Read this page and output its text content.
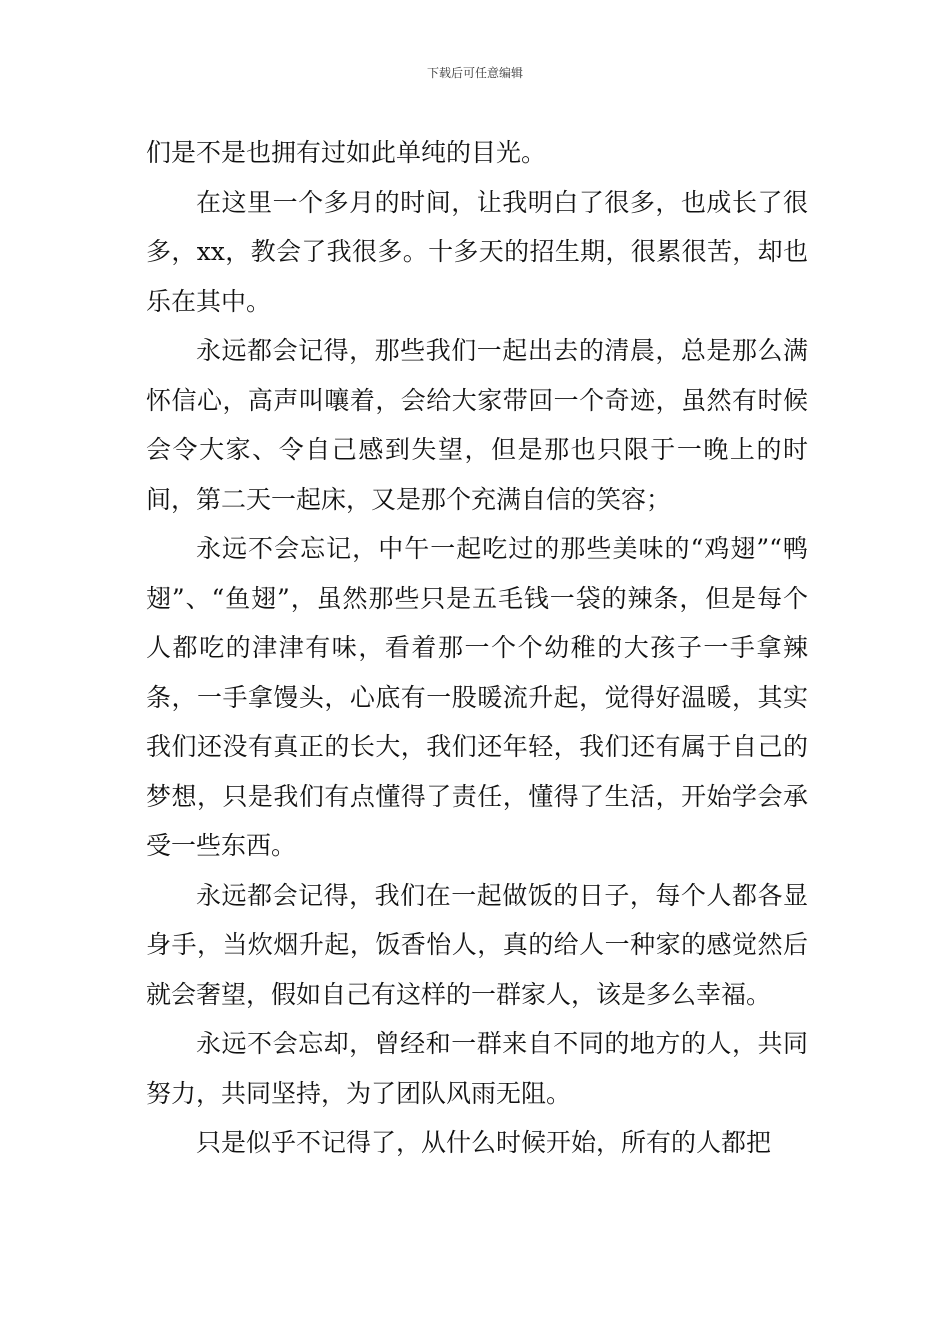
下载后可任意编辑

们是不是也拥有过如此单纯的目光。

在这里一个多月的时间，让我明白了很多，也成长了很多，xx，教会了我很多。十多天的招生期，很累很苦，却也乐在其中。

永远都会记得，那些我们一起出去的清晨，总是那么满怀信心，高声叫嚷着，会给大家带回一个奇迹，虽然有时候会令大家、令自己感到失望，但是那也只限于一晚上的时间，第二天一起床，又是那个充满自信的笑容；

永远不会忘记，中午一起吃过的那些美味的“鸡翅”“鸭翅”、“鱼翅”，虽然那些只是五毛钱一袋的辣条，但是每个人都吃的津津有味，看着那一个个幼稚的大孩子一手拿辣条，一手拿馒头，心底有一股暖流升起，觉得好温暖，其实我们还没有真正的长大，我们还年轻，我们还有属于自己的梦想，只是我们有点懂得了责任，懂得了生活，开始学会承受一些东西。

永远都会记得，我们在一起做饭的日子，每个人都各显身手，当炊烟升起，饭香怡人，真的给人一种家的感觉然后就会奢望，假如自己有这样的一群家人，该是多么幸福。

永远不会忘却，曾经和一群来自不同的地方的人，共同努力，共同坚持，为了团队风雨无阻。

只是似乎不记得了，从什么时候开始，所有的人都把
